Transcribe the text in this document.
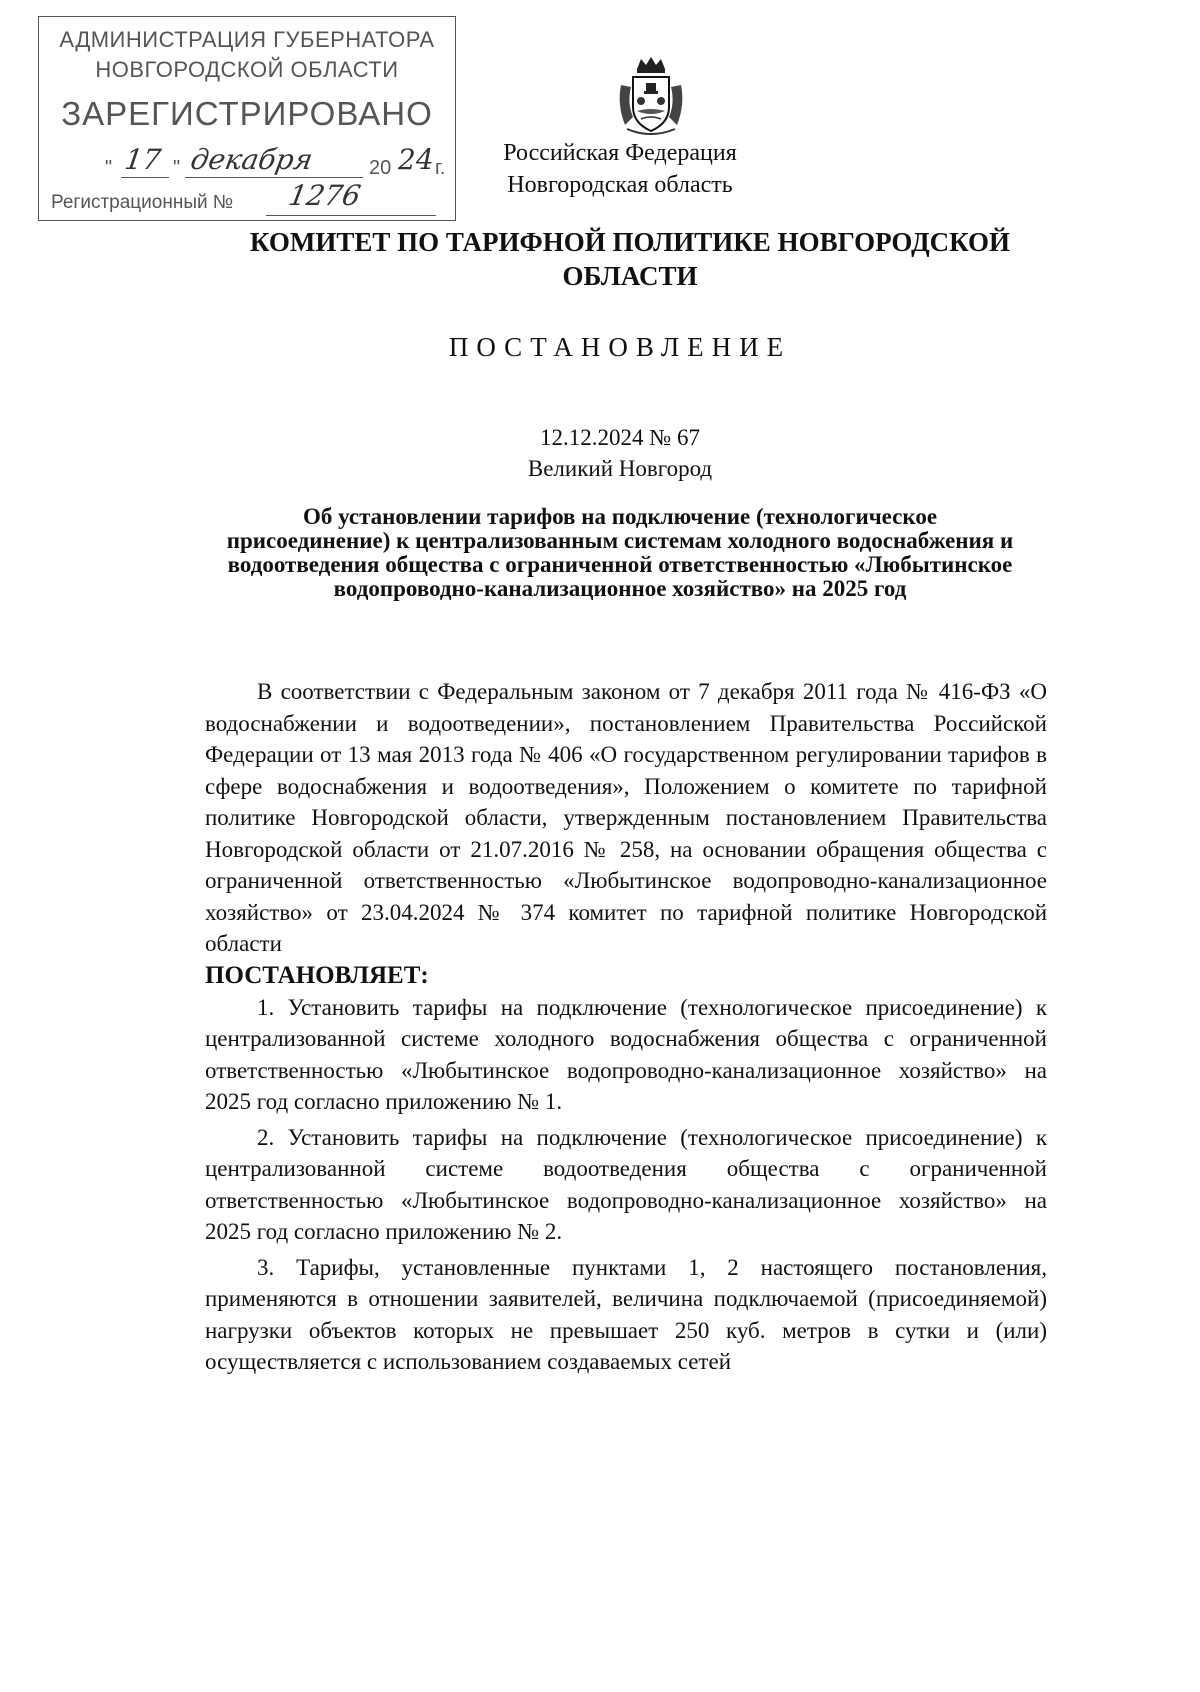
АДМИНИСТРАЦИЯ ГУБЕРНАТОРА
НОВГОРОДСКОЙ ОБЛАСТИ
ЗАРЕГИСТРИРОВАНО
" 17 " декабря	20 24 г.
Регистрационный № 1276
Российская Федерация
Новгородская область
КОМИТЕТ ПО ТАРИФНОЙ ПОЛИТИКЕ НОВГОРОДСКОЙ ОБЛАСТИ
ПОСТАНОВЛЕНИЕ
12.12.2024 № 67
Великий Новгород
Об установлении тарифов на подключение (технологическое присоединение) к централизованным системам холодного водоснабжения и водоотведения общества с ограниченной ответственностью «Любытинское водопроводно-канализационное хозяйство» на 2025 год

В соответствии с Федеральным законом от 7 декабря 2011 года № 416-ФЗ «О водоснабжении и водоотведении», постановлением Правительства Российской Федерации от 13 мая 2013 года № 406 «О государственном регулировании тарифов в сфере водоснабжения и водоотведения», Положением о комитете по тарифной политике Новгородской области, утвержденным постановлением Правительства Новгородской области от 21.07.2016 № 258, на основании обращения общества с ограниченной ответственностью «Любытинское водопроводно-канализационное хозяйство» от 23.04.2024 № 374 комитет по тарифной политике Новгородской области

ПОСТАНОВЛЯЕТ:

1. Установить тарифы на подключение (технологическое присоединение) к централизованной системе холодного водоснабжения общества с ограниченной ответственностью «Любытинское водопроводно-канализационное хозяйство» на 2025 год согласно приложению № 1.

2. Установить тарифы на подключение (технологическое присоединение) к централизованной системе водоотведения общества с ограниченной ответственностью «Любытинское водопроводно-канализационное хозяйство» на 2025 год согласно приложению № 2.

3. Тарифы, установленные пунктами 1, 2 настоящего постановления, применяются в отношении заявителей, величина подключаемой (присоединяемой) нагрузки объектов которых не превышает 250 куб. метров в сутки и (или) осуществляется с использованием создаваемых сетей
